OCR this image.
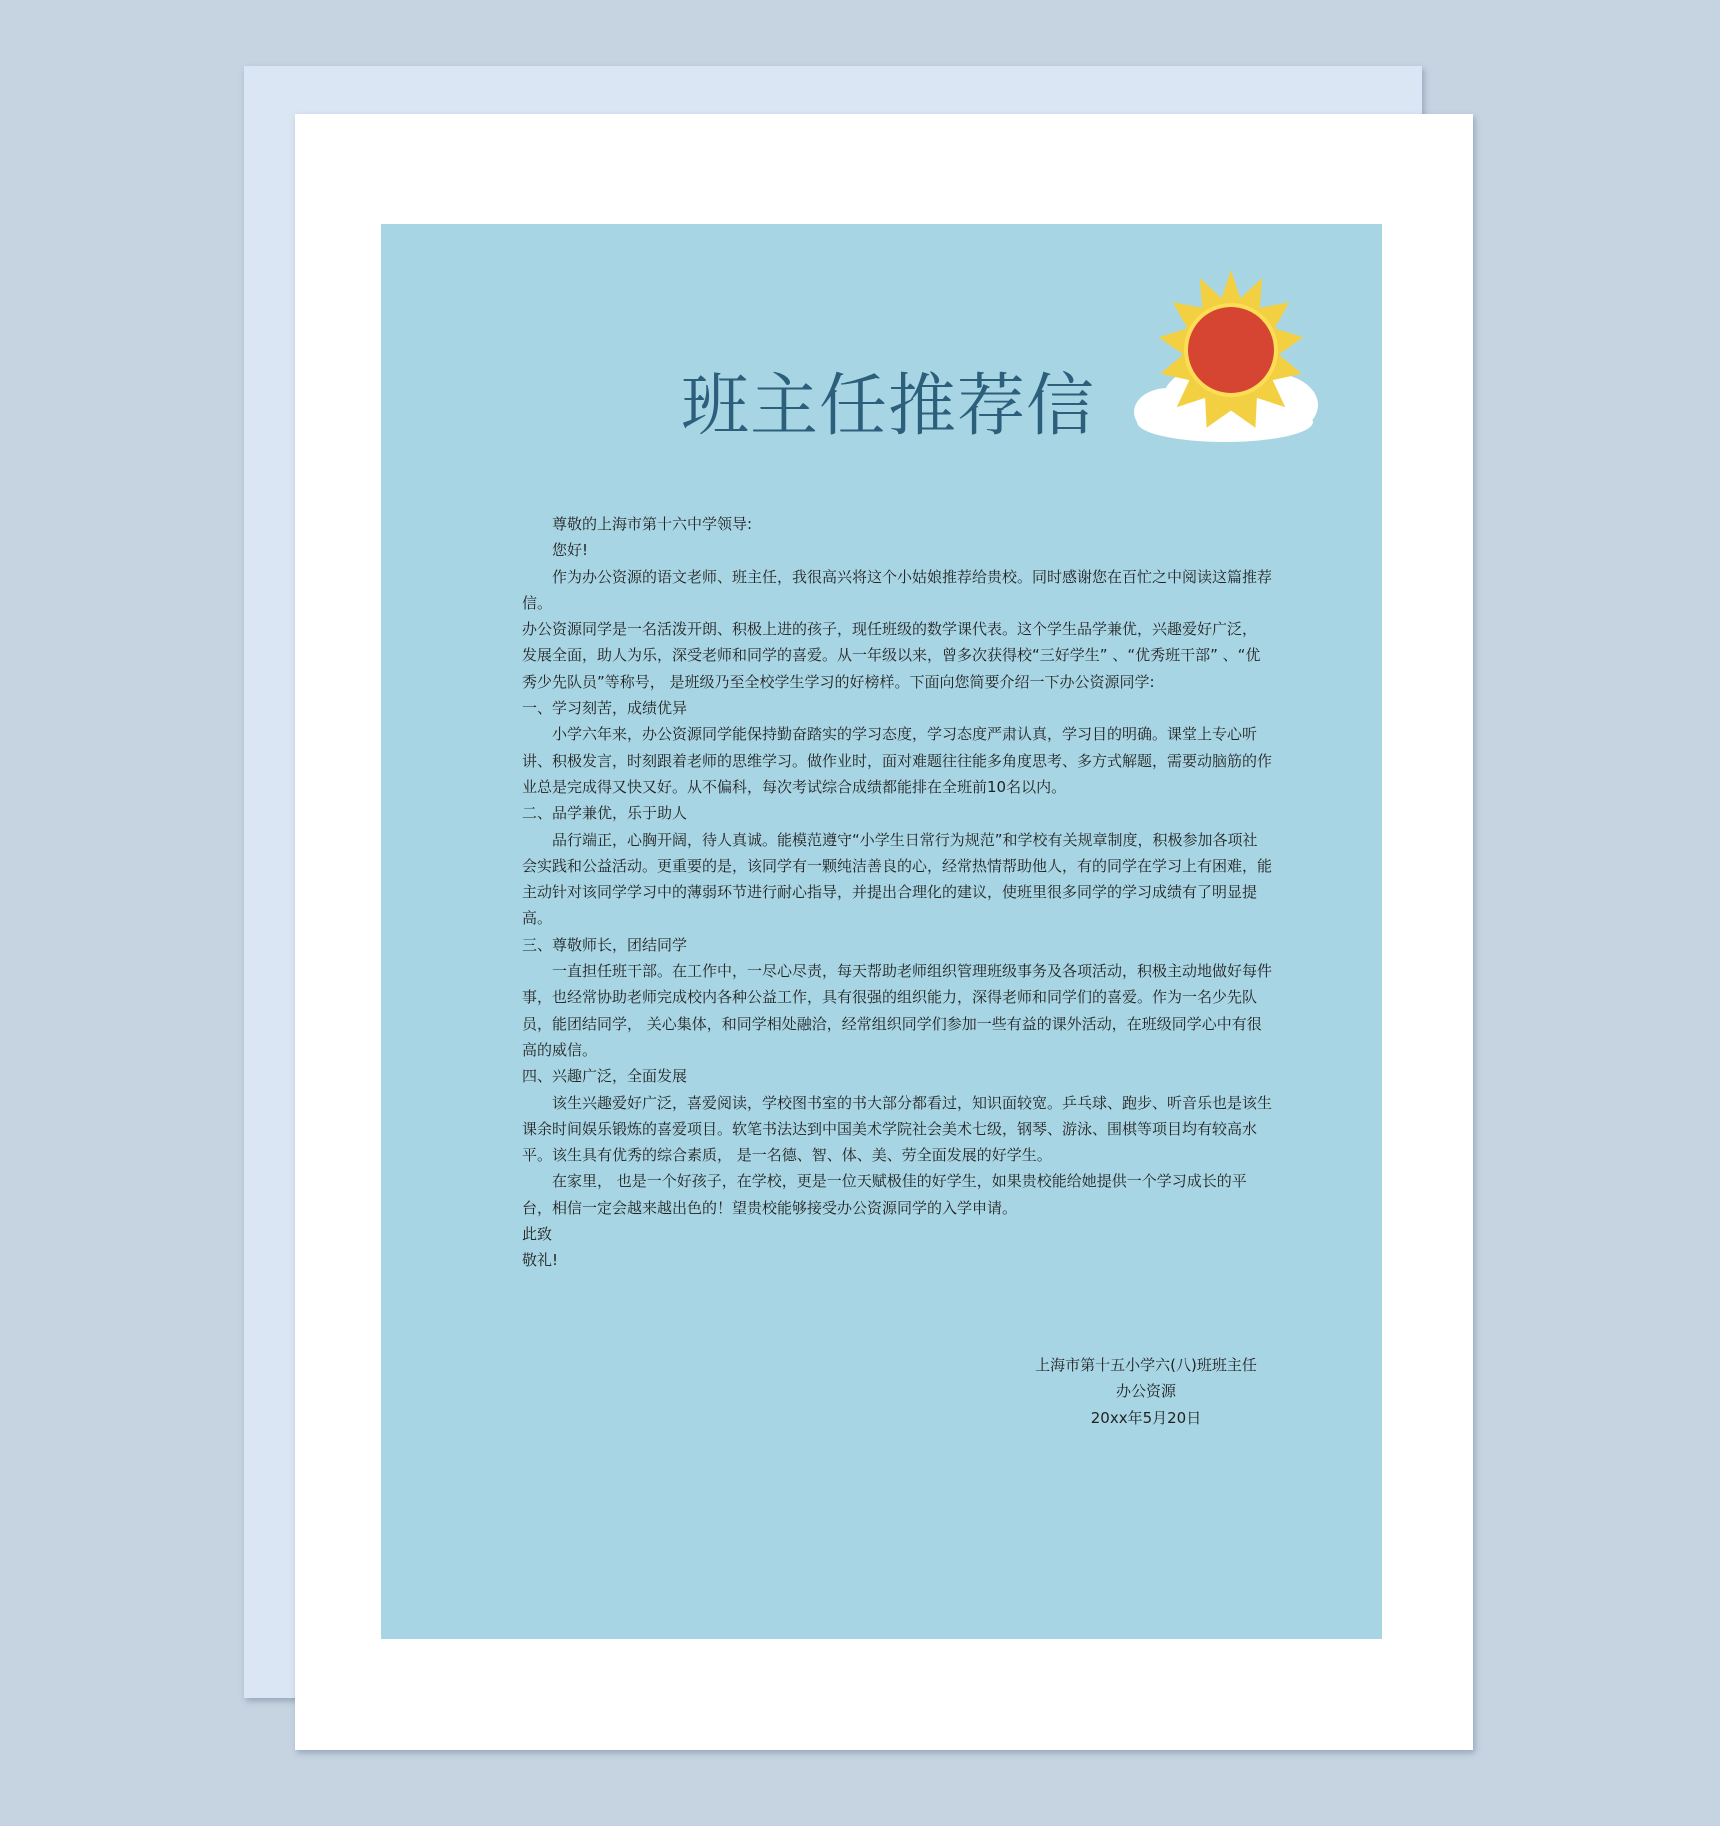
班主任推荐信

尊敬的上海市第十六中学领导:

您好!

作为办公资源的语文老师、班主任，我很高兴将这个小姑娘推荐给贵校。同时感谢您在百忙之中阅读这篇推荐信。

办公资源同学是一名活泼开朗、积极上进的孩子，现任班级的数学课代表。这个学生品学兼优，兴趣爱好广泛， 发展全面，助人为乐，深受老师和同学的喜爱。从一年级以来，曾多次获得校“三好学生” 、“优秀班干部” 、“优秀少先队员”等称号， 是班级乃至全校学生学习的好榜样。下面向您简要介绍一下办公资源同学:

一、学习刻苦，成绩优异

小学六年来，办公资源同学能保持勤奋踏实的学习态度，学习态度严肃认真，学习目的明确。课堂上专心听讲、积极发言，时刻跟着老师的思维学习。做作业时，面对难题往往能多角度思考、多方式解题，需要动脑筋的作业总是完成得又快又好。从不偏科，每次考试综合成绩都能排在全班前10名以内。

二、品学兼优，乐于助人

品行端正，心胸开阔，待人真诚。能模范遵守“小学生日常行为规范”和学校有关规章制度，积极参加各项社会实践和公益活动。更重要的是，该同学有一颗纯洁善良的心，经常热情帮助他人，有的同学在学习上有困难，能主动针对该同学学习中的薄弱环节进行耐心指导，并提出合理化的建议，使班里很多同学的学习成绩有了明显提高。

三、尊敬师长，团结同学

一直担任班干部。在工作中，一尽心尽责，每天帮助老师组织管理班级事务及各项活动，积极主动地做好每件事，也经常协助老师完成校内各种公益工作，具有很强的组织能力，深得老师和同学们的喜爱。作为一名少先队员，能团结同学， 关心集体，和同学相处融洽，经常组织同学们参加一些有益的课外活动，在班级同学心中有很高的威信。

四、兴趣广泛，全面发展

该生兴趣爱好广泛，喜爱阅读，学校图书室的书大部分都看过，知识面较宽。乒乓球、跑步、听音乐也是该生课余时间娱乐锻炼的喜爱项目。软笔书法达到中国美术学院社会美术七级，钢琴、游泳、围棋等项目均有较高水平。该生具有优秀的综合素质， 是一名德、智、体、美、劳全面发展的好学生。

在家里， 也是一个好孩子，在学校，更是一位天赋极佳的好学生，如果贵校能给她提供一个学习成长的平台，相信一定会越来越出色的！望贵校能够接受办公资源同学的入学申请。

此致

敬礼!

上海市第十五小学六(八)班班主任
办公资源
20xx年5月20日
